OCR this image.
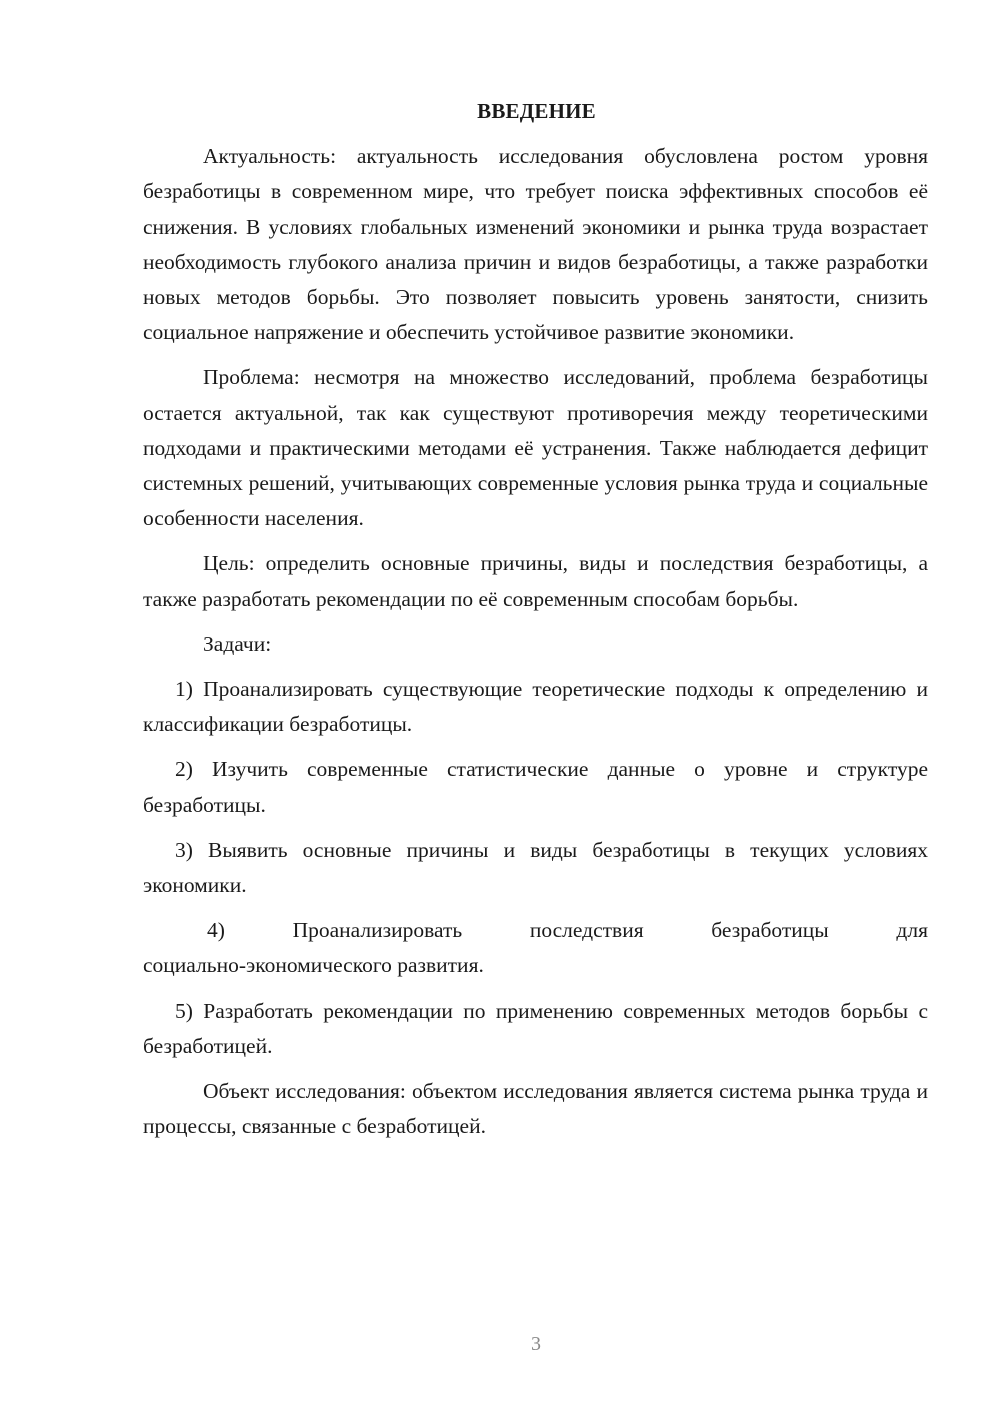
ВВЕДЕНИЕ

Актуальность: актуальность исследования обусловлена ростом уровня безработицы в современном мире, что требует поиска эффективных способов её снижения. В условиях глобальных изменений экономики и рынка труда возрастает необходимость глубокого анализа причин и видов безработицы, а также разработки новых методов борьбы. Это позволяет повысить уровень занятости, снизить социальное напряжение и обеспечить устойчивое развитие экономики.

Проблема: несмотря на множество исследований, проблема безработицы остается актуальной, так как существуют противоречия между теоретическими подходами и практическими методами её устранения. Также наблюдается дефицит системных решений, учитывающих современные условия рынка труда и социальные особенности населения.

Цель: определить основные причины, виды и последствия безработицы, а также разработать рекомендации по её современным способам борьбы.

Задачи:

1) Проанализировать существующие теоретические подходы к определению и классификации безработицы.

2) Изучить современные статистические данные о уровне и структуре безработицы.

3) Выявить основные причины и виды безработицы в текущих условиях экономики.

4)	Проанализировать	последствия	безработицы	для
социально-экономического развития.

5) Разработать рекомендации по применению современных методов борьбы с безработицей.

Объект исследования: объектом исследования является система рынка труда и процессы, связанные с безработицей.

3
